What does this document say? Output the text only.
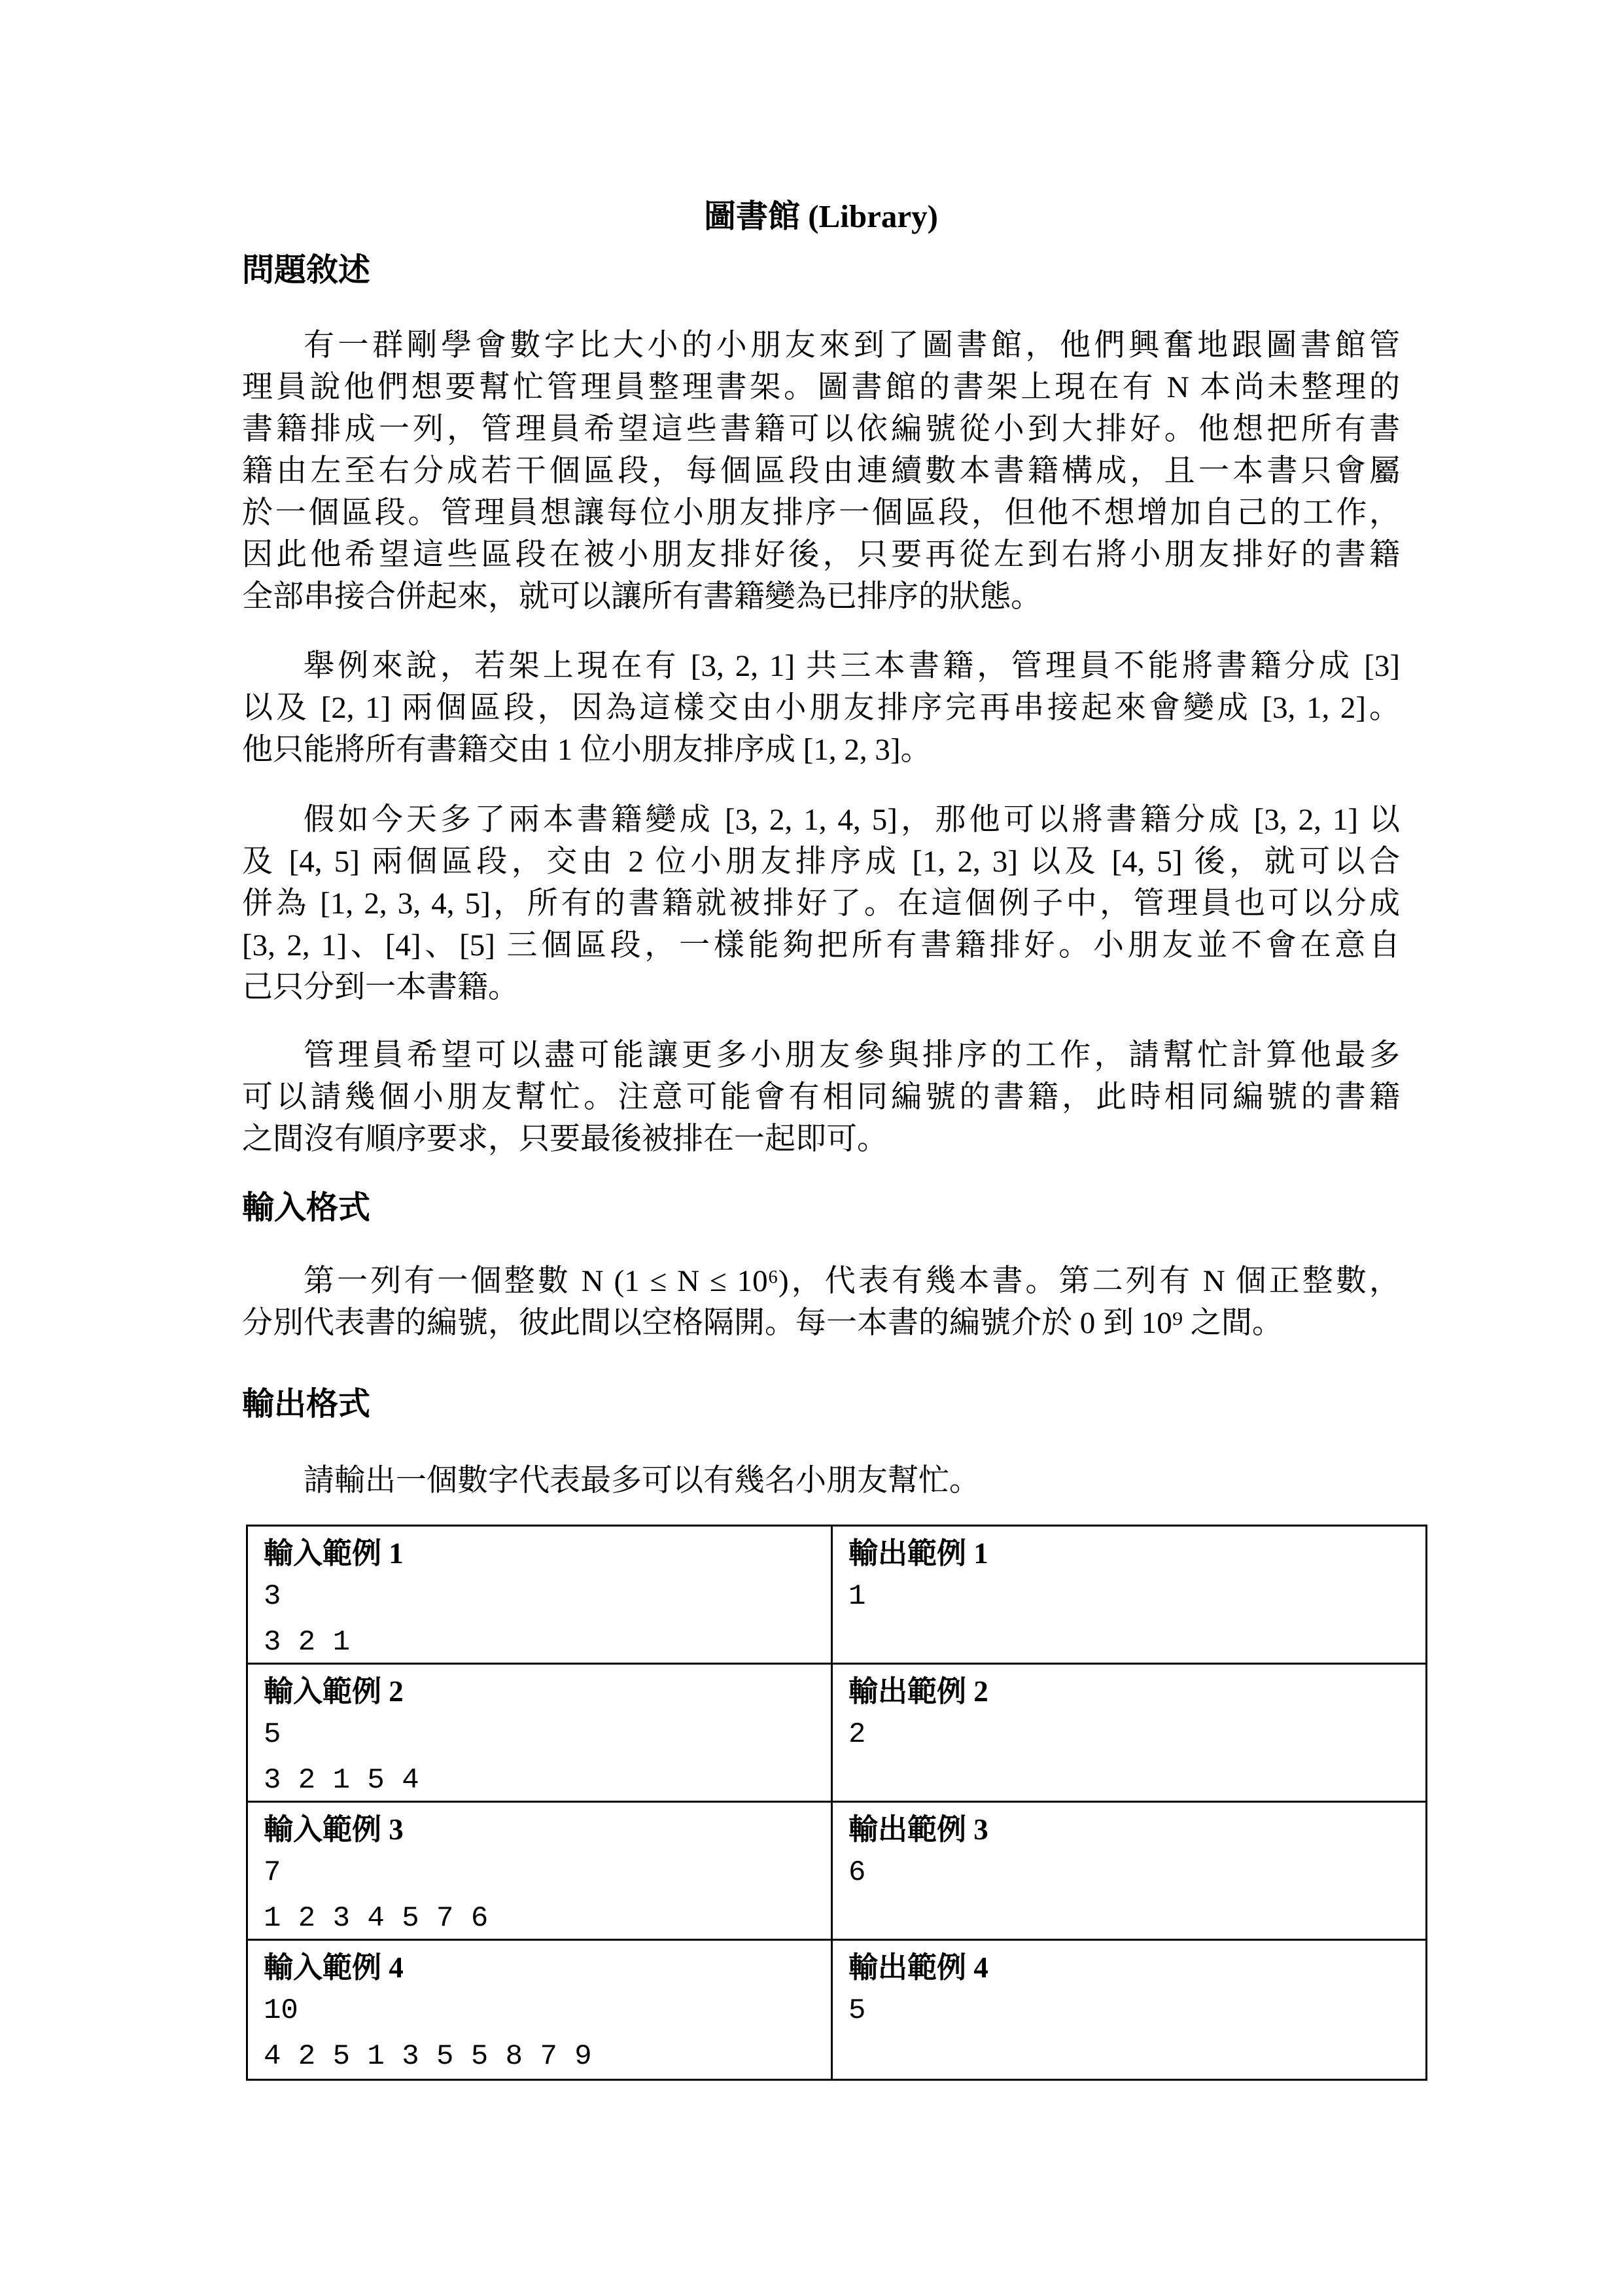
圖書館 (Library)
問題敘述
有一群剛學會數字比大小的小朋友來到了圖書館，他們興奮地跟圖書館管
理員說他們想要幫忙管理員整理書架。圖書館的書架上現在有 N 本尚未整理的
書籍排成一列，管理員希望這些書籍可以依編號從小到大排好。他想把所有書
籍由左至右分成若干個區段，每個區段由連續數本書籍構成，且一本書只會屬
於一個區段。管理員想讓每位小朋友排序一個區段，但他不想增加自己的工作，
因此他希望這些區段在被小朋友排好後，只要再從左到右將小朋友排好的書籍
全部串接合併起來，就可以讓所有書籍變為已排序的狀態。
舉例來說，若架上現在有 [3, 2, 1] 共三本書籍，管理員不能將書籍分成 [3]
以及 [2, 1] 兩個區段，因為這樣交由小朋友排序完再串接起來會變成 [3, 1, 2]。
他只能將所有書籍交由 1 位小朋友排序成 [1, 2, 3]。
假如今天多了兩本書籍變成 [3, 2, 1, 4, 5]，那他可以將書籍分成 [3, 2, 1] 以
及 [4, 5] 兩個區段，交由 2 位小朋友排序成 [1, 2, 3] 以及 [4, 5] 後，就可以合
併為 [1, 2, 3, 4, 5]，所有的書籍就被排好了。在這個例子中，管理員也可以分成
[3, 2, 1]、[4]、[5] 三個區段，一樣能夠把所有書籍排好。小朋友並不會在意自
己只分到一本書籍。
管理員希望可以盡可能讓更多小朋友參與排序的工作，請幫忙計算他最多
可以請幾個小朋友幫忙。注意可能會有相同編號的書籍，此時相同編號的書籍
之間沒有順序要求，只要最後被排在一起即可。
輸入格式
第一列有一個整數 N (1 ≤ N ≤ 10⁶)，代表有幾本書。第二列有 N 個正整數，
分別代表書的編號，彼此間以空格隔開。每一本書的編號介於 0 到 10⁹ 之間。
輸出格式
請輸出一個數字代表最多可以有幾名小朋友幫忙。
輸入範例 1
3
3 2 1
輸出範例 1
1
輸入範例 2
5
3 2 1 5 4
輸出範例 2
2
輸入範例 3
7
1 2 3 4 5 7 6
輸出範例 3
6
輸入範例 4
10
4 2 5 1 3 5 5 8 7 9
輸出範例 4
5
